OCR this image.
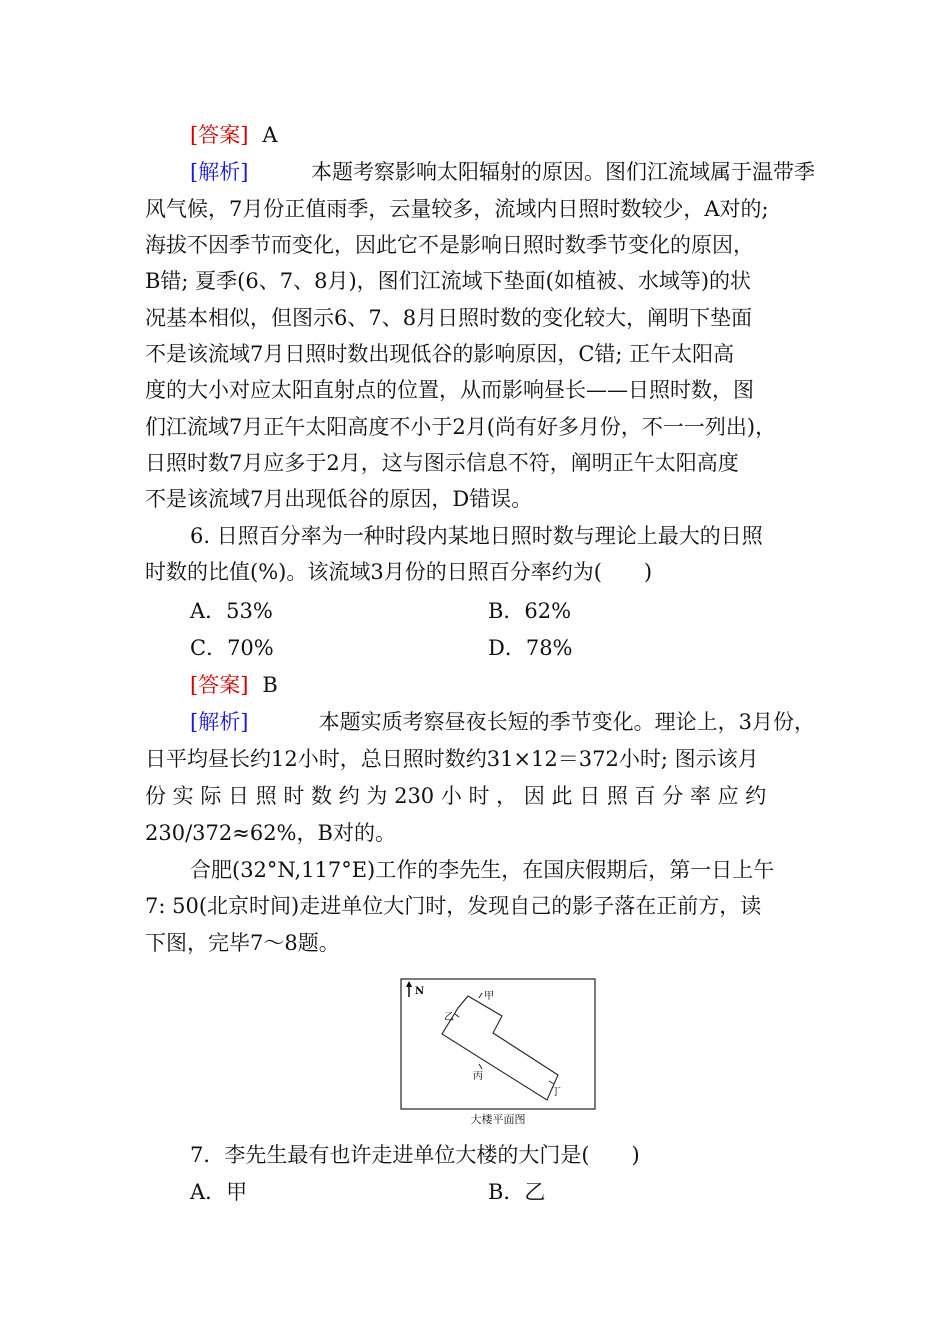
[答案] A
[解析]	本题考察影响太阳辐射的原因。图们江流域属于温带季
风气候，7月份正值雨季，云量较多，流域内日照时数较少，A对的;
海拔不因季节而变化，因此它不是影响日照时数季节变化的原因，
B错; 夏季(6、7、8月)，图们江流域下垫面(如植被、水域等)的状
况基本相似，但图示6、7、8月日照时数的变化较大，阐明下垫面
不是该流域7月日照时数出现低谷的影响原因，C错; 正午太阳高
度的大小对应太阳直射点的位置，从而影响昼长——日照时数，图
们江流域7月正午太阳高度不小于2月(尚有好多月份，不一一列出)，
日照时数7月应多于2月，这与图示信息不符，阐明正午太阳高度
不是该流域7月出现低谷的原因，D错误。
6. 日照百分率为一种时段内某地日照时数与理论上最大的日照
时数的比值(%)。该流域3月份的日照百分率约为(　　)
A．53%	B．62%
C．70%	D．78%
[答案] B
[解析]	本题实质考察昼夜长短的季节变化。理论上，3月份，
日平均昼长约12小时，总日照时数约31×12＝372小时; 图示该月
份 实 际 日 照 时 数 约 为 230 小 时 ， 因 此 日 照 百 分 率 应 约
230/372≈62%，B对的。
合肥(32°N,117°E)工作的李先生，在国庆假期后，第一日上午
7: 50(北京时间)走进单位大门时，发现自己的影子落在正前方，读
下图，完毕7～8题。
N	甲
乙
丙
丁
大楼平面图
7．李先生最有也许走进单位大楼的大门是(　　)
A．甲	B．乙
